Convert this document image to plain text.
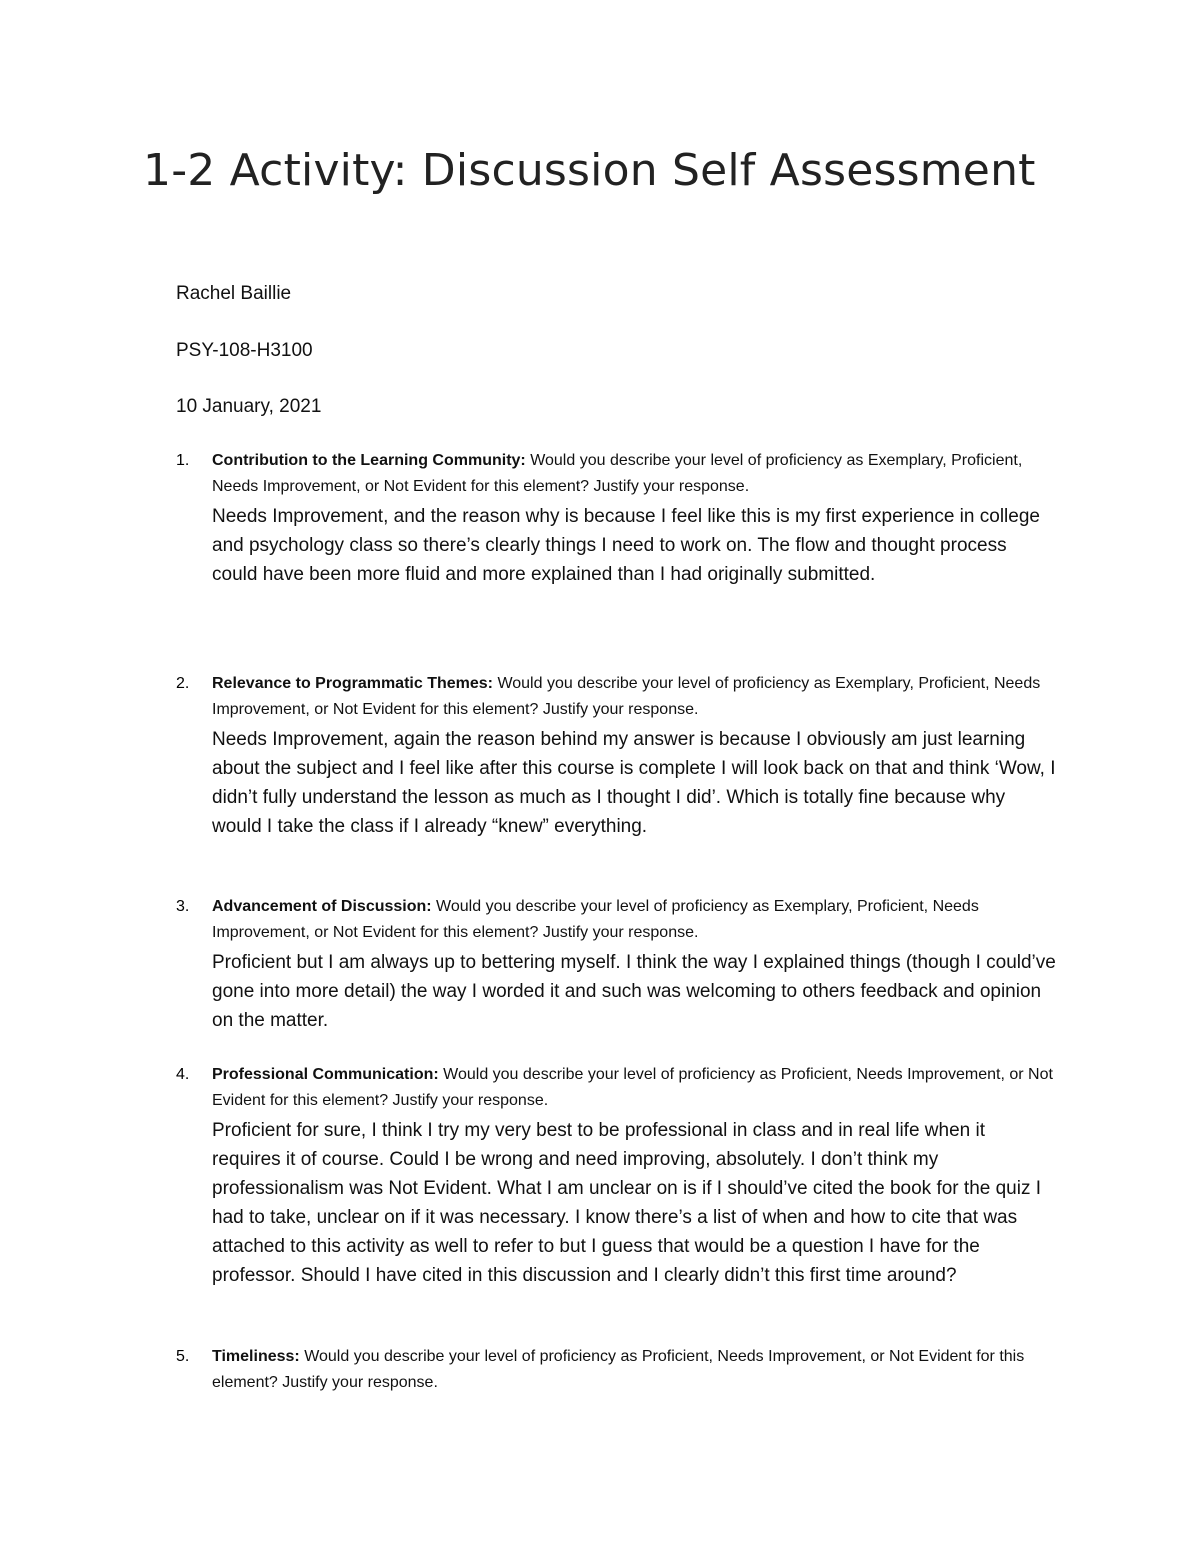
1-2 Activity: Discussion Self Assessment

Rachel Baillie

PSY-108-H3100

10 January, 2021

1.	Contribution to the Learning Community: Would you describe your level of proficiency as Exemplary, Proficient, Needs Improvement, or Not Evident for this element? Justify your response.

Needs Improvement, and the reason why is because I feel like this is my first experience in college and psychology class so there’s clearly things I need to work on. The flow and thought process could have been more fluid and more explained than I had originally submitted.

2.	Relevance to Programmatic Themes: Would you describe your level of proficiency as Exemplary, Proficient, Needs Improvement, or Not Evident for this element? Justify your response.

Needs Improvement, again the reason behind my answer is because I obviously am just learning about the subject and I feel like after this course is complete I will look back on that and think ‘Wow, I didn’t fully understand the lesson as much as I thought I did’. Which is totally fine because why would I take the class if I already “knew” everything.

3.	Advancement of Discussion: Would you describe your level of proficiency as Exemplary, Proficient, Needs Improvement, or Not Evident for this element? Justify your response.

Proficient but I am always up to bettering myself. I think the way I explained things (though I could’ve gone into more detail) the way I worded it and such was welcoming to others feedback and opinion on the matter.

4.	Professional Communication: Would you describe your level of proficiency as Proficient, Needs Improvement, or Not Evident for this element? Justify your response.

Proficient for sure, I think I try my very best to be professional in class and in real life when it requires it of course. Could I be wrong and need improving, absolutely. I don’t think my professionalism was Not Evident. What I am unclear on is if I should’ve cited the book for the quiz I had to take, unclear on if it was necessary. I know there’s a list of when and how to cite that was attached to this activity as well to refer to but I guess that would be a question I have for the professor. Should I have cited in this discussion and I clearly didn’t this first time around?

5.	Timeliness: Would you describe your level of proficiency as Proficient, Needs Improvement, or Not Evident for this element? Justify your response.
